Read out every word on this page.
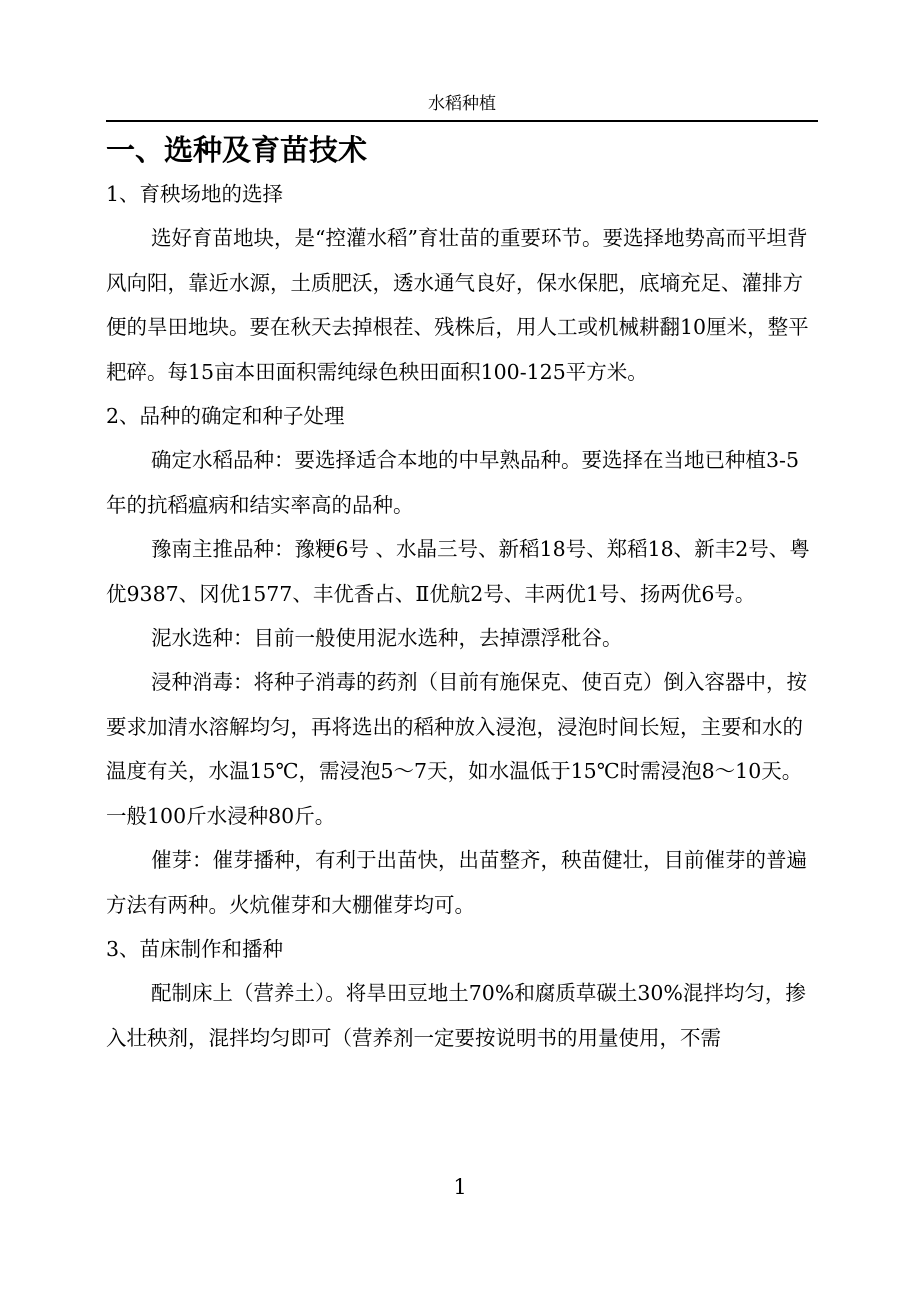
水稻种植
一、选种及育苗技术

1、育秧场地的选择

选好育苗地块，是“控灌水稻”育壮苗的重要环节。要选择地势高而平坦背风向阳，靠近水源，土质肥沃，透水通气良好，保水保肥，底墒充足、灌排方便的旱田地块。要在秋天去掉根茬、残株后，用人工或机械耕翻10厘米，整平耙碎。每15亩本田面积需纯绿色秧田面积100-125平方米。

2、品种的确定和种子处理

确定水稻品种：要选择适合本地的中早熟品种。要选择在当地已种植3-5年的抗稻瘟病和结实率高的品种。

豫南主推品种：豫粳6号 、水晶三号、新稻18号、郑稻18、新丰2号、粤优9387、冈优1577、丰优香占、Ⅱ优航2号、丰两优1号、扬两优6号。

泥水选种：目前一般使用泥水选种，去掉漂浮秕谷。

浸种消毒：将种子消毒的药剂（目前有施保克、使百克）倒入容器中，按要求加清水溶解均匀，再将选出的稻种放入浸泡，浸泡时间长短，主要和水的温度有关，水温15℃，需浸泡5～7天，如水温低于15℃时需浸泡8～10天。一般100斤水浸种80斤。

催芽：催芽播种，有利于出苗快，出苗整齐，秧苗健壮，目前催芽的普遍方法有两种。火炕催芽和大棚催芽均可。

3、苗床制作和播种

配制床上（营养土）。将旱田豆地土70%和腐质草碳土30%混拌均匀，掺入壮秧剂，混拌均匀即可（营养剂一定要按说明书的用量使用，不需

1
